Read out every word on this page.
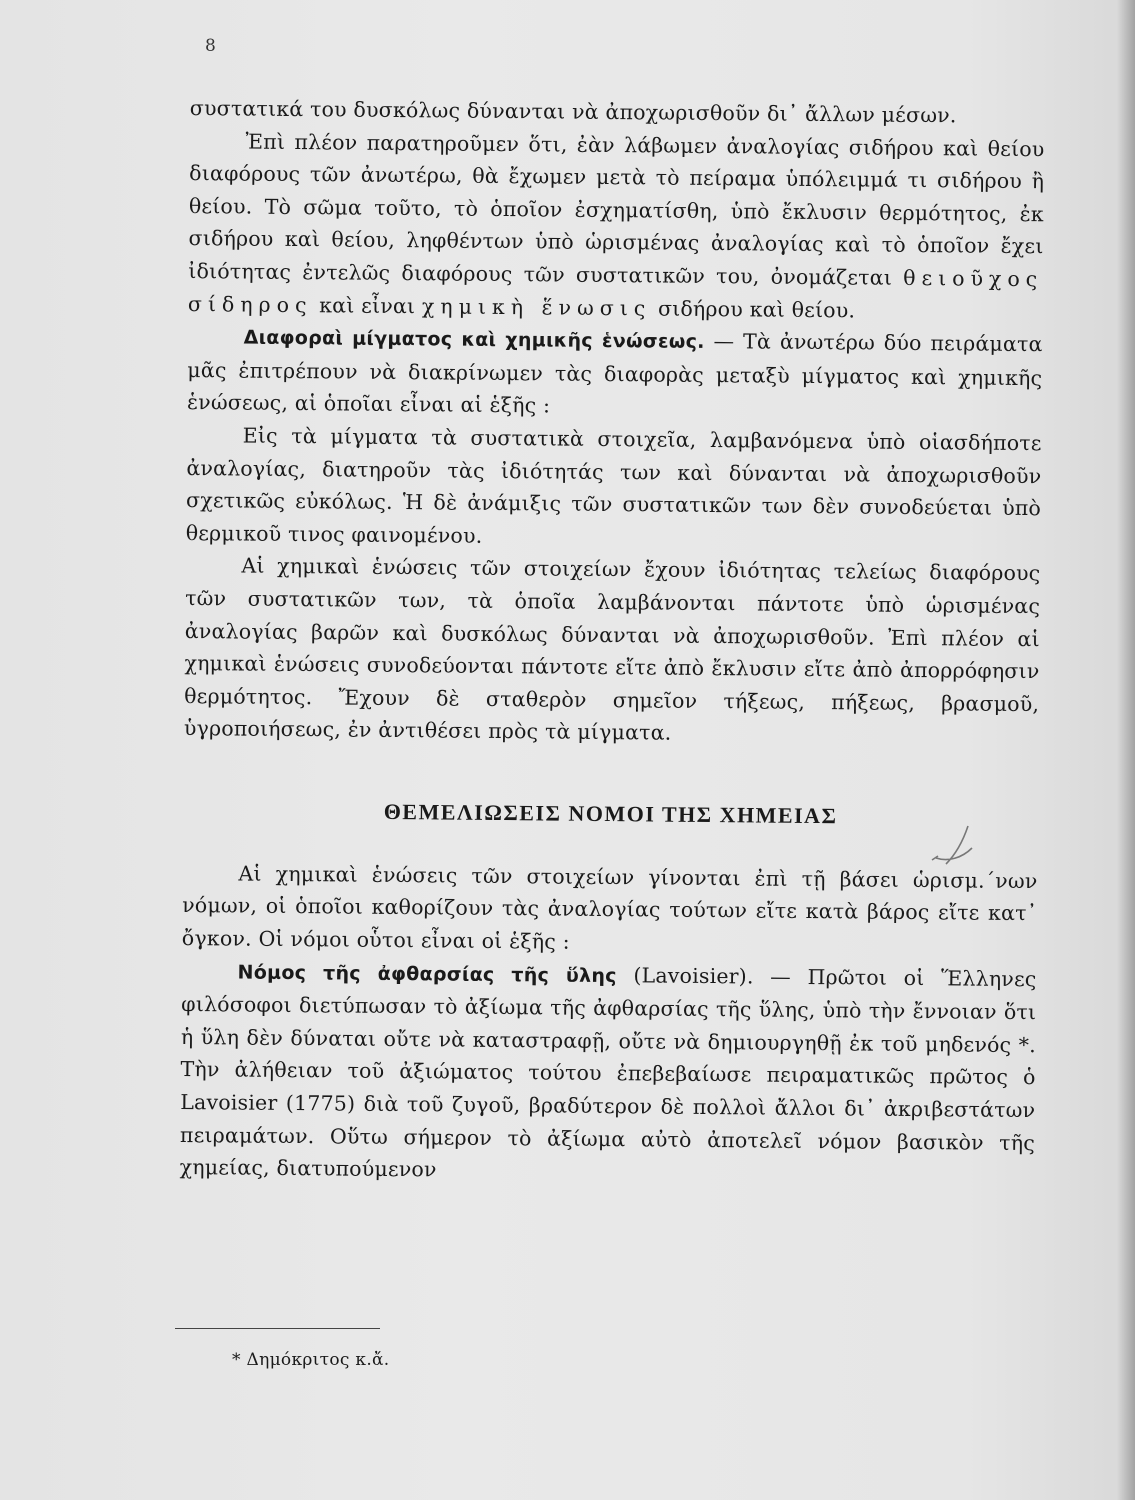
8

συστατικά του δυσκόλως δύνανται νὰ ἀποχωρισθοῦν δι᾽ ἄλλων μέσων.

Ἐπὶ πλέον παρατηροῦμεν ὅτι, ἐὰν λάβωμεν ἀναλογίας σιδήρου καὶ θείου διαφόρους τῶν ἀνωτέρω, θὰ ἔχωμεν μετὰ τὸ πείραμα ὑπόλειμμά τι σιδήρου ἢ θείου. Τὸ σῶμα τοῦτο, τὸ ὁποῖον ἐσχηματίσθη, ὑπὸ ἔκλυσιν θερμότητος, ἐκ σιδήρου καὶ θείου, ληφθέντων ὑπὸ ὡρισμένας ἀναλογίας καὶ τὸ ὁποῖον ἔχει ἰδιότητας ἐντελῶς διαφόρους τῶν συστατικῶν του, ὀνομάζεται θειοῦχος σίδηρος καὶ εἶναι χημικὴ ἕνωσις σιδήρου καὶ θείου.

Διαφοραὶ μίγματος καὶ χημικῆς ἑνώσεως. — Τὰ ἀνωτέρω δύο πειράματα μᾶς ἐπιτρέπουν νὰ διακρίνωμεν τὰς διαφορὰς μεταξὺ μίγματος καὶ χημικῆς ἑνώσεως, αἱ ὁποῖαι εἶναι αἱ ἑξῆς :

Εἰς τὰ μίγματα τὰ συστατικὰ στοιχεῖα, λαμβανόμενα ὑπὸ οἱασδήποτε ἀναλογίας, διατηροῦν τὰς ἰδιότητάς των καὶ δύνανται νὰ ἀποχωρισθοῦν σχετικῶς εὐκόλως. Ἡ δὲ ἀνάμιξις τῶν συστατικῶν των δὲν συνοδεύεται ὑπὸ θερμικοῦ τινος φαινομένου.

Αἱ χημικαὶ ἑνώσεις τῶν στοιχείων ἔχουν ἰδιότητας τελείως διαφόρους τῶν συστατικῶν των, τὰ ὁποῖα λαμβάνονται πάντοτε ὑπὸ ὡρισμένας ἀναλογίας βαρῶν καὶ δυσκόλως δύνανται νὰ ἀποχωρισθοῦν. Ἐπὶ πλέον αἱ χημικαὶ ἑνώσεις συνοδεύονται πάντοτε εἴτε ἀπὸ ἔκλυσιν εἴτε ἀπὸ ἀπορρόφησιν θερμότητος. Ἔχουν δὲ σταθερὸν σημεῖον τήξεως, πήξεως, βρασμοῦ, ὑγροποιήσεως, ἐν ἀντιθέσει πρὸς τὰ μίγματα.

ΘΕΜΕΛΙΩΣΕΙΣ ΝΟΜΟΙ ΤΗΣ ΧΗΜΕΙΑΣ

Αἱ χημικαὶ ἑνώσεις τῶν στοιχείων γίνονται ἐπὶ τῇ βάσει ὡρισμ.´νων νόμων, οἱ ὁποῖοι καθορίζουν τὰς ἀναλογίας τούτων εἴτε κατὰ βάρος εἴτε κατ᾽ ὄγκον. Οἱ νόμοι οὗτοι εἶναι οἱ ἑξῆς :

Νόμος τῆς ἀφθαρσίας τῆς ὕλης (Lavoisier). — Πρῶτοι οἱ Ἕλληνες φιλόσοφοι διετύπωσαν τὸ ἀξίωμα τῆς ἀφθαρσίας τῆς ὕλης, ὑπὸ τὴν ἔννοιαν ὅτι ἡ ὕλη δὲν δύναται οὔτε νὰ καταστραφῇ, οὔτε νὰ δημιουργηθῇ ἐκ τοῦ μηδενός *. Τὴν ἀλήθειαν τοῦ ἀξιώματος τούτου ἐπεβεβαίωσε πειραματικῶς πρῶτος ὁ Lavoisier (1775) διὰ τοῦ ζυγοῦ, βραδύτερον δὲ πολλοὶ ἄλλοι δι᾽ ἀκριβεστάτων πειραμάτων. Οὕτω σήμερον τὸ ἀξίωμα αὐτὸ ἀποτελεῖ νόμον βασικὸν τῆς χημείας, διατυπούμενον

* Δημόκριτος κ.ἄ.
